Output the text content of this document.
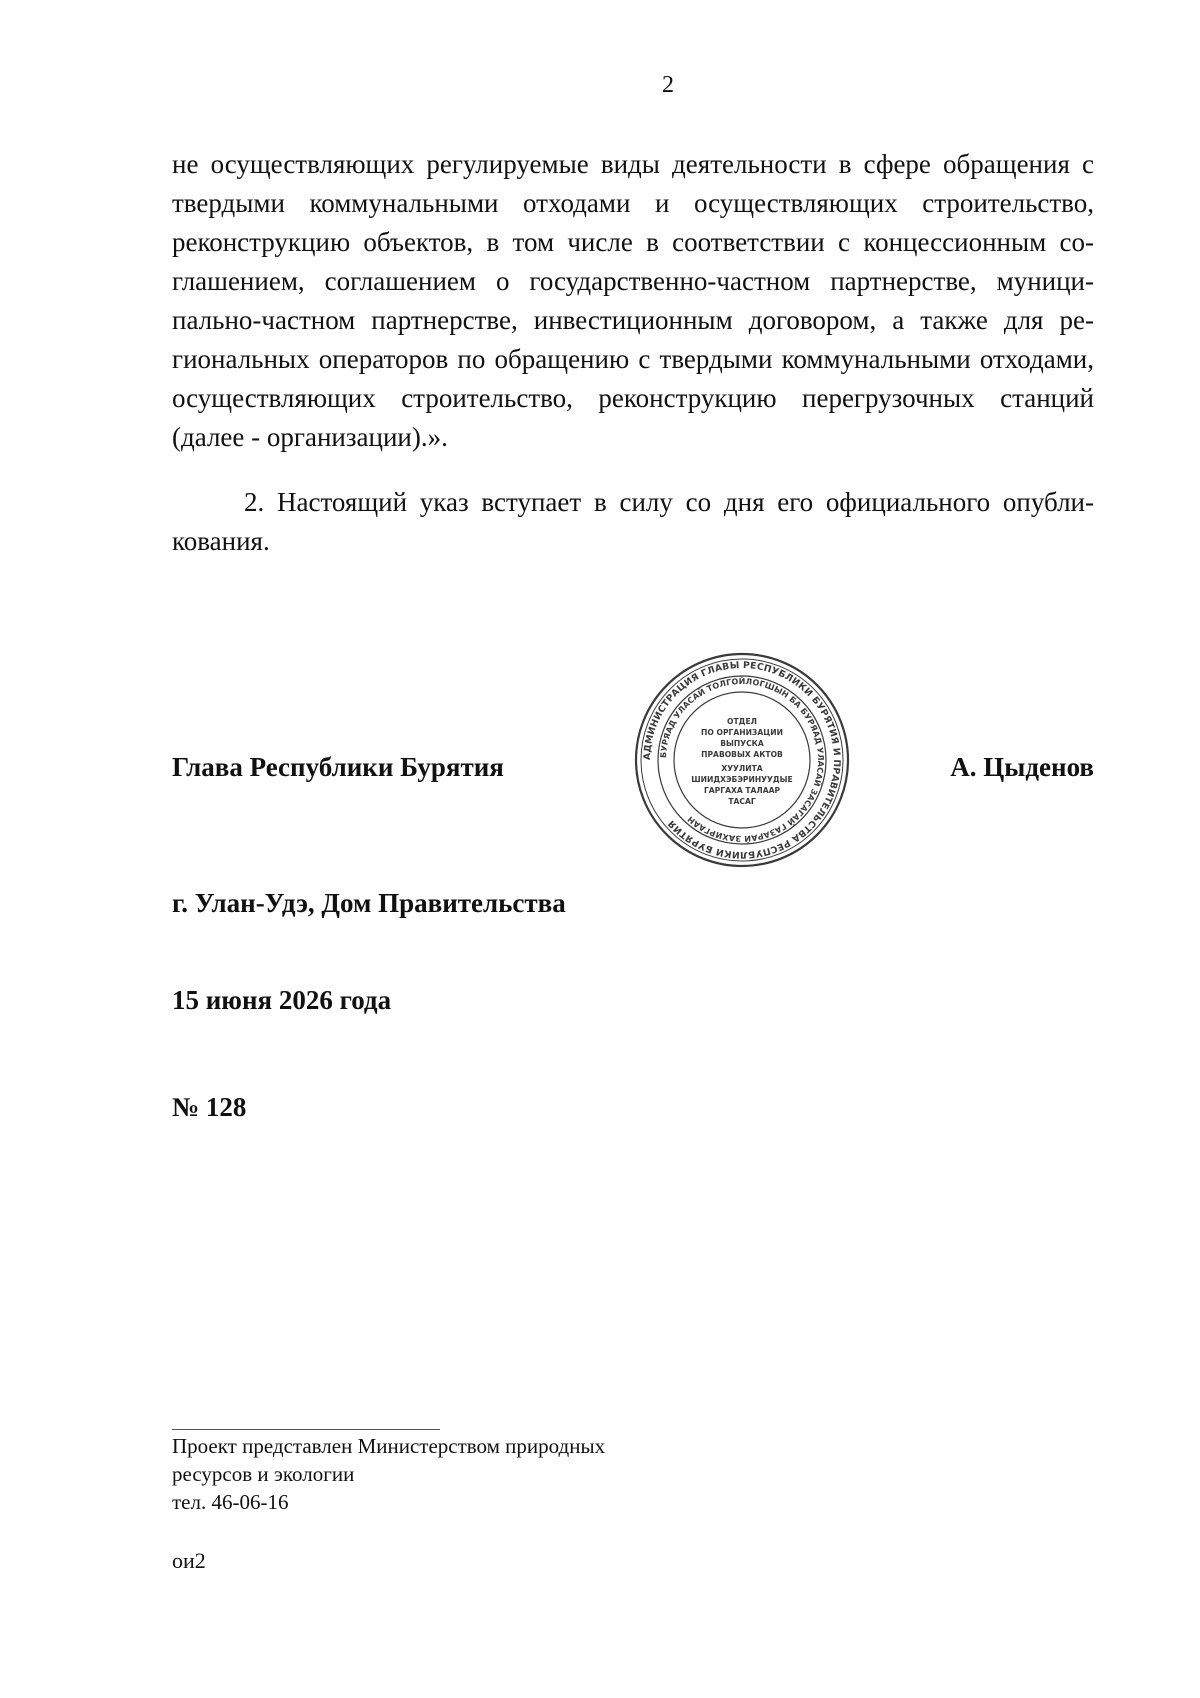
2
не осуществляющих регулируемые виды деятельности в сфере обращения с твердыми коммунальными отходами и осуществляющих строительство, реконструкцию объектов, в том числе в соответствии с концессионным соглашением, соглашением о государственно-частном партнерстве, муниципально-частном партнерстве, инвестиционным договором, а также для региональных операторов по обращению с твердыми коммунальными отходами, осуществляющих строительство, реконструкцию перегрузочных станций (далее - организации).».
2. Настоящий указ вступает в силу со дня его официального опубликования.
Глава Республики Бурятия	А. Цыденов
АДМИНИСТРАЦИЯ ГЛАВЫ РЕСПУБЛИКИ БУРЯТИЯ И ПРАВИТЕЛЬСТВА РЕСПУБЛИКИ БУРЯТИЯ
БУРЯАД УЛАСАЙ ТОЛГОЙЛОГШЫН БА БУРЯАД УЛАСАЙ ЗАСАГАЙ ГАЗАРАЙ ЗАХИРГААН
ОТДЕЛ
ПО ОРГАНИЗАЦИИ
ВЫПУСКА
ПРАВОВЫХ АКТОВ
ХУУЛИТА
ШИИДХЭБЭРИНУУДЫЕ
ГАРГАХА ТАЛААР
ТАСАГ
г. Улан-Удэ, Дом Правительства
15 июня 2026 года
№ 128
Проект представлен Министерством природных
ресурсов и экологии
тел. 46-06-16
ои2
